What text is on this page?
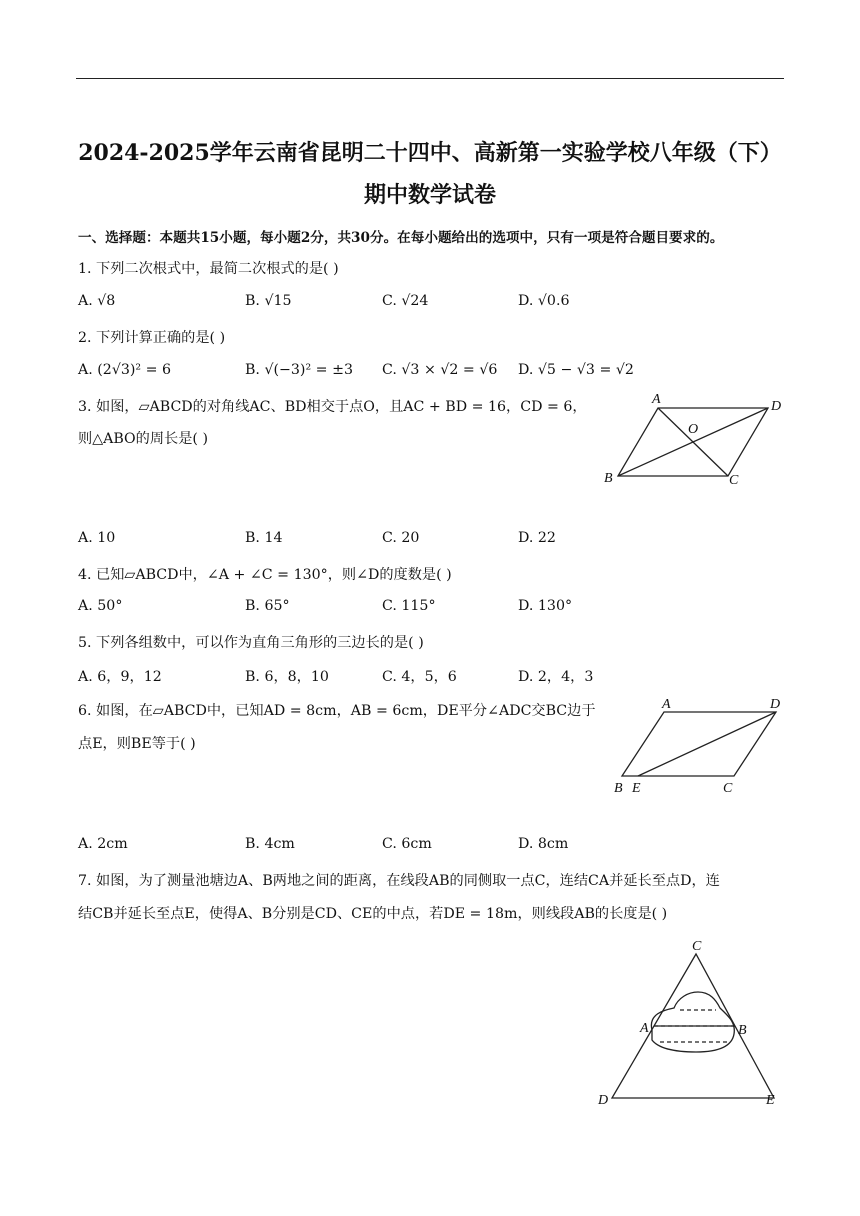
2024-2025学年云南省昆明二十四中、高新第一实验学校八年级（下）
期中数学试卷
一、选择题：本题共15小题，每小题2分，共30分。在每小题给出的选项中，只有一项是符合题目要求的。
1. 下列二次根式中，最简二次根式的是( )
A. √8	B. √15	C. √24	D. √0.6
2. 下列计算正确的是( )
A. (2√3)² = 6	B. √(−3)² = ±3 C. √3 × √2 = √6 D. √5 − √3 = √2
3. 如图，▱ABCD的对角线AC、BD相交于点O，且AC + BD = 16，CD = 6，
则△ABO的周长是( )
A	D
O
B	C
A. 10	B. 14	C. 20	D. 22
4. 已知▱ABCD中，∠A + ∠C = 130°，则∠D的度数是( )
A. 50°	B. 65°	C. 115°	D. 130°
5. 下列各组数中，可以作为直角三角形的三边长的是( )
A. 6，9，12	B. 6，8，10	C. 4，5，6	D. 2，4，3
6. 如图，在▱ABCD中，已知AD = 8cm，AB = 6cm，DE平分∠ADC交BC边于
点E，则BE等于( )
A	D
B E	C
A. 2cm	B. 4cm	C. 6cm	D. 8cm
7. 如图，为了测量池塘边A、B两地之间的距离，在线段AB的同侧取一点C，连结CA并延长至点D，连
结CB并延长至点E，使得A、B分别是CD、CE的中点，若DE = 18m，则线段AB的长度是( )
C
A	B
D	E
